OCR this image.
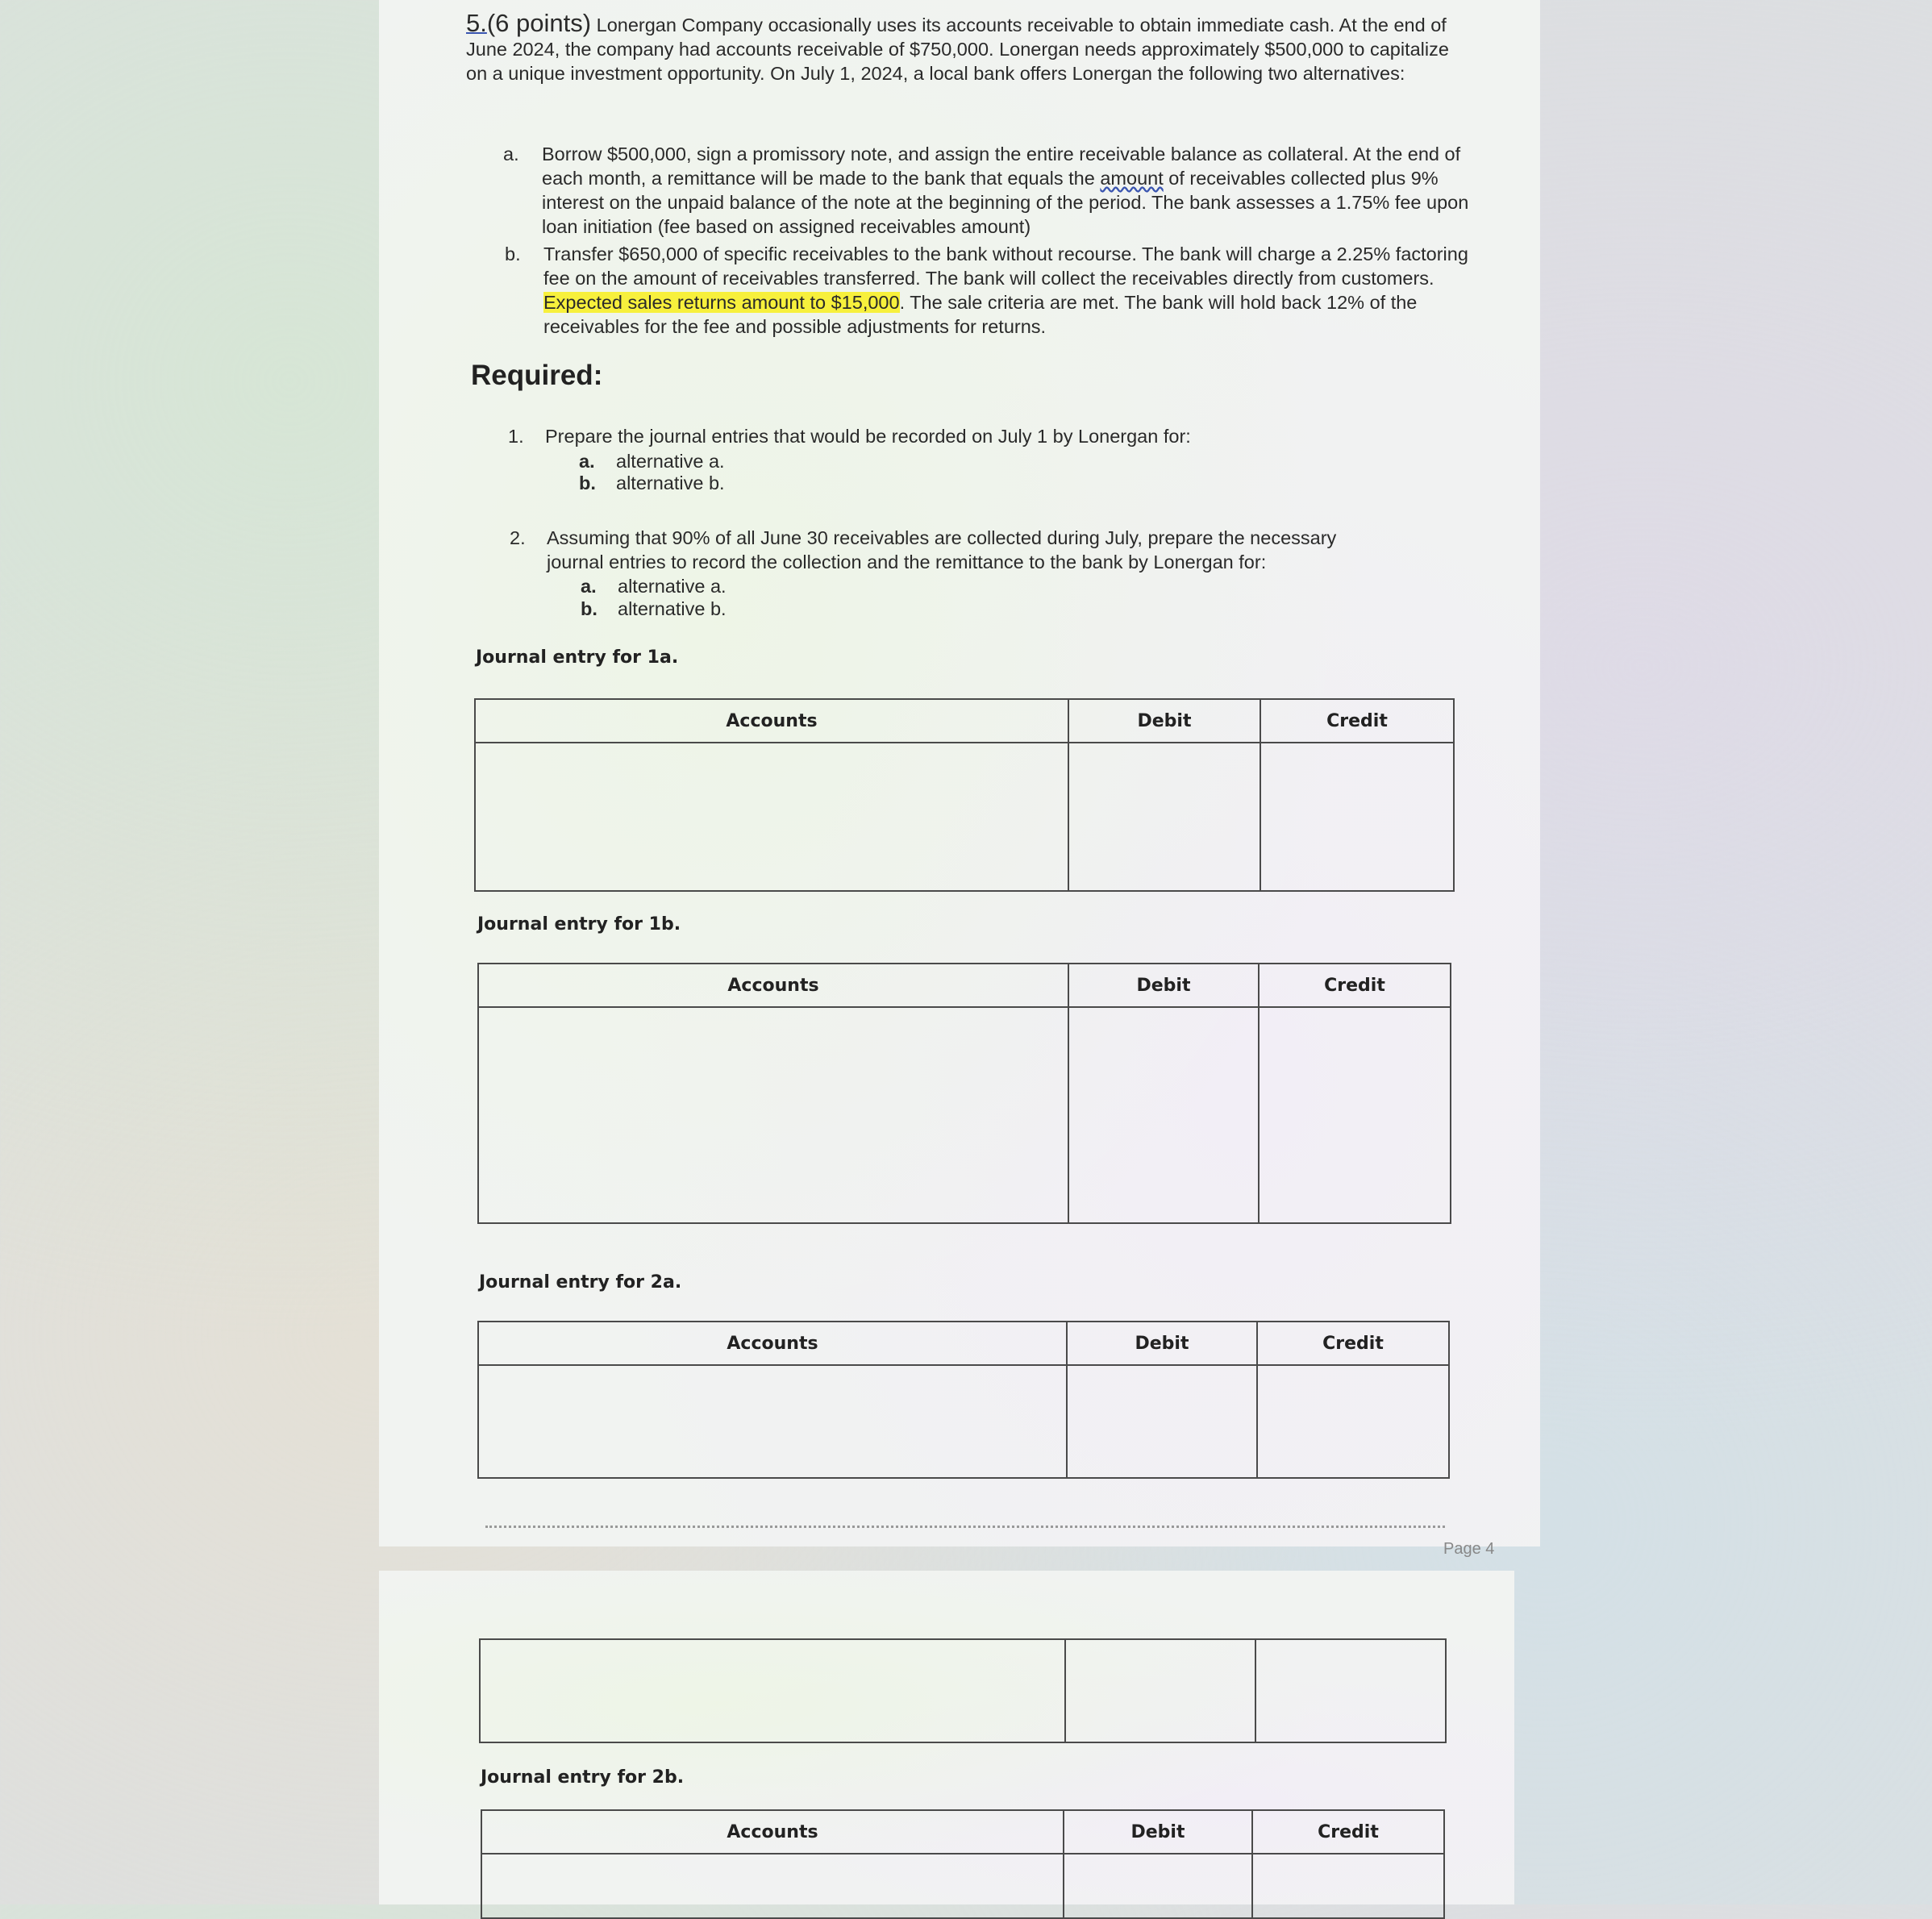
5.(6 points) Lonergan Company occasionally uses its accounts receivable to obtain immediate cash. At the end of June 2024, the company had accounts receivable of $750,000. Lonergan needs approximately $500,000 to capitalize on a unique investment opportunity. On July 1, 2024, a local bank offers Lonergan the following two alternatives:
a. Borrow $500,000, sign a promissory note, and assign the entire receivable balance as collateral. At the end of each month, a remittance will be made to the bank that equals the amount of receivables collected plus 9% interest on the unpaid balance of the note at the beginning of the period. The bank assesses a 1.75% fee upon loan initiation (fee based on assigned receivables amount)
b. Transfer $650,000 of specific receivables to the bank without recourse. The bank will charge a 2.25% factoring fee on the amount of receivables transferred. The bank will collect the receivables directly from customers. Expected sales returns amount to $15,000. The sale criteria are met. The bank will hold back 12% of the receivables for the fee and possible adjustments for returns.
Required:
1. Prepare the journal entries that would be recorded on July 1 by Lonergan for:
a. alternative a.
b. alternative b.
2. Assuming that 90% of all June 30 receivables are collected during July, prepare the necessary journal entries to record the collection and the remittance to the bank by Lonergan for:
a. alternative a.
b. alternative b.
Journal entry for 1a.
Accounts	Debit	Credit

Journal entry for 1b.
Accounts	Debit	Credit

Journal entry for 2a.
Accounts	Debit	Credit

Page 4

Journal entry for 2b.
Accounts	Debit	Credit
